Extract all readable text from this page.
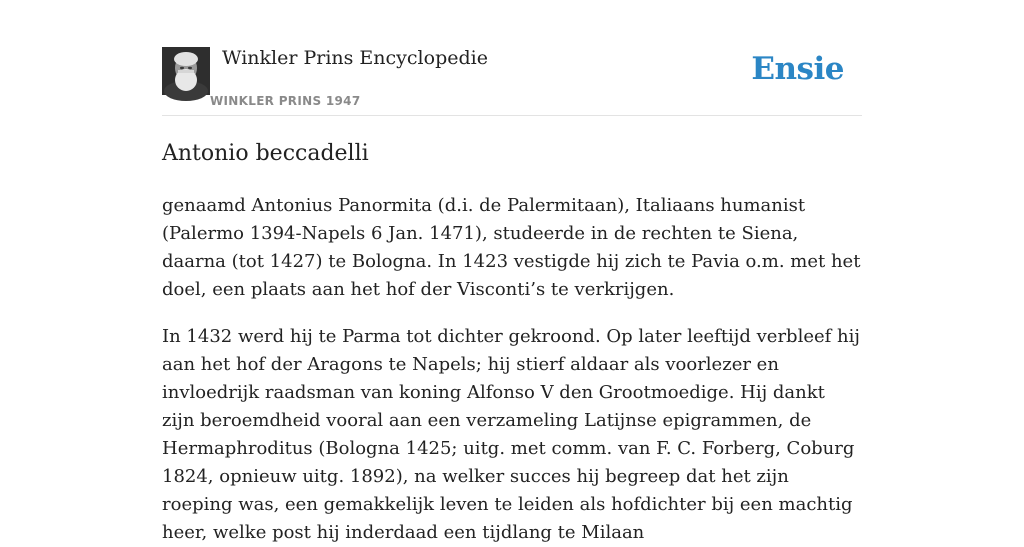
Winkler Prins Encyclopedie
WINKLER PRINS 1947
Ensie
Antonio beccadelli

genaamd Antonius Panormita (d.i. de Palermitaan), Italiaans humanist (Palermo 1394-Napels 6 Jan. 1471), studeerde in de rechten te Siena, daarna (tot 1427) te Bologna. In 1423 vestigde hij zich te Pavia o.m. met het doel, een plaats aan het hof der Visconti’s te verkrijgen.

In 1432 werd hij te Parma tot dichter gekroond. Op later leeftijd verbleef hij aan het hof der Aragons te Napels; hij stierf aldaar als voorlezer en invloedrijk raadsman van koning Alfonso V den Grootmoedige. Hij dankt zijn beroemdheid vooral aan een verzameling Latijnse epigrammen, de Hermaphroditus (Bologna 1425; uitg. met comm. van F. C. Forberg, Coburg 1824, opnieuw uitg. 1892), na welker succes hij begreep dat het zijn roeping was, een gemakkelijk leven te leiden als hofdichter bij een machtig heer, welke post hij inderdaad een tijdlang te Milaan
